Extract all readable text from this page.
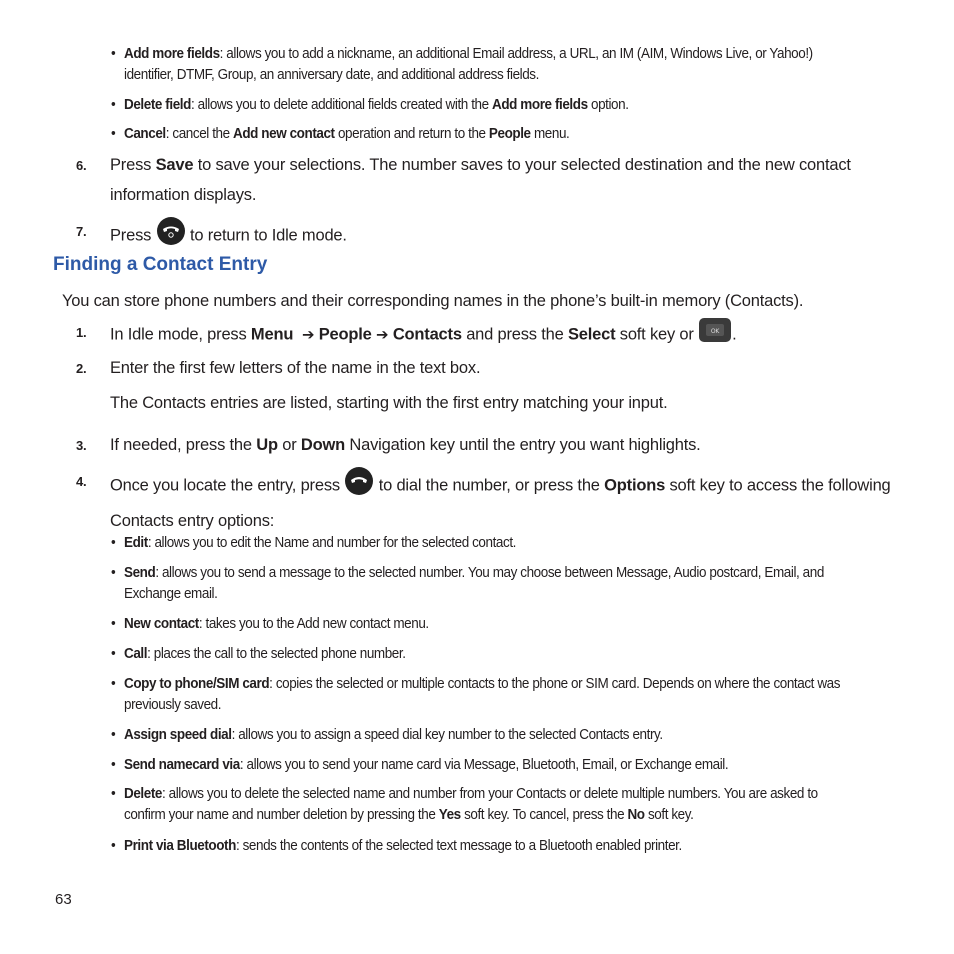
• Add more fields: allows you to add a nickname, an additional Email address, a URL, an IM (AIM, Windows Live, or Yahoo!) identifier, DTMF, Group, an anniversary date, and additional address fields.
• Delete field: allows you to delete additional fields created with the Add more fields option.
• Cancel: cancel the Add new contact operation and return to the People menu.
6. Press Save to save your selections. The number saves to your selected destination and the new contact information displays.
7. Press  to return to Idle mode.
Finding a Contact Entry
You can store phone numbers and their corresponding names in the phone’s built-in memory (Contacts).
1. In Idle mode, press Menu ➔ People ➔ Contacts and press the Select soft key or OK .
2. Enter the first few letters of the name in the text box.
The Contacts entries are listed, starting with the first entry matching your input.
3. If needed, press the Up or Down Navigation key until the entry you want highlights.
4. Once you locate the entry, press  to dial the number, or press the Options soft key to access the following Contacts entry options:
• Edit: allows you to edit the Name and number for the selected contact.
• Send: allows you to send a message to the selected number. You may choose between Message, Audio postcard, Email, and Exchange email.
• New contact: takes you to the Add new contact menu.
• Call: places the call to the selected phone number.
• Copy to phone/SIM card: copies the selected or multiple contacts to the phone or SIM card. Depends on where the contact was previously saved.
• Assign speed dial: allows you to assign a speed dial key number to the selected Contacts entry.
• Send namecard via: allows you to send your name card via Message, Bluetooth, Email, or Exchange email.
• Delete: allows you to delete the selected name and number from your Contacts or delete multiple numbers. You are asked to confirm your name and number deletion by pressing the Yes soft key. To cancel, press the No soft key.
• Print via Bluetooth: sends the contents of the selected text message to a Bluetooth enabled printer.
63
